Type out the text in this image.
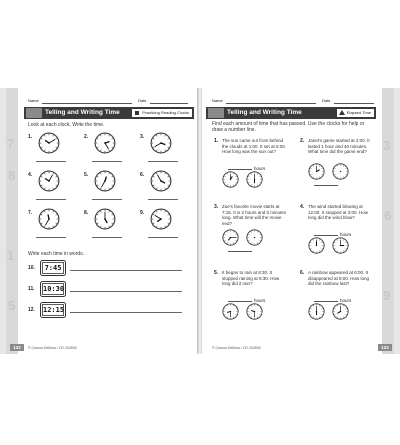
7
8
1
5
Name	Date
Telling and Writing Time	Practicing Reading Clocks
Look at each clock. Write the time.
1.	2.	3.
4.	5.	6.
7.	8.	9.
Write each time in words.
10. 7:45
11. 10:30
12. 12:15
© Carson-Dellosa • CD-104594
132
3
6
9
Name	Date
Telling and Writing Time	Elapsed Time
Find each amount of time that has passed. Use the clocks for help or draw a number line.
1. The sun came out from behind the clouds at 1:00. It set at 6:00. How long was the sun out?
hours
2. Janet's game started at 2:00. It lasted 1 hour and 40 minutes. What time did the game end?
3. Zoe's favorite movie starts at 7:15. It is 2 hours and 5 minutes long. What time will the movie end?
4. The wind started blowing at 12:00. It stopped at 3:00. How long did the wind blow?
hours
5. It began to rain at 8:30. It stopped raining at 9:30. How long did it rain?
hours
6. A rainbow appeared at 6:00. It disappeared at 8:00. How long did the rainbow last?
hours
© Carson-Dellosa • CD-104594	133
